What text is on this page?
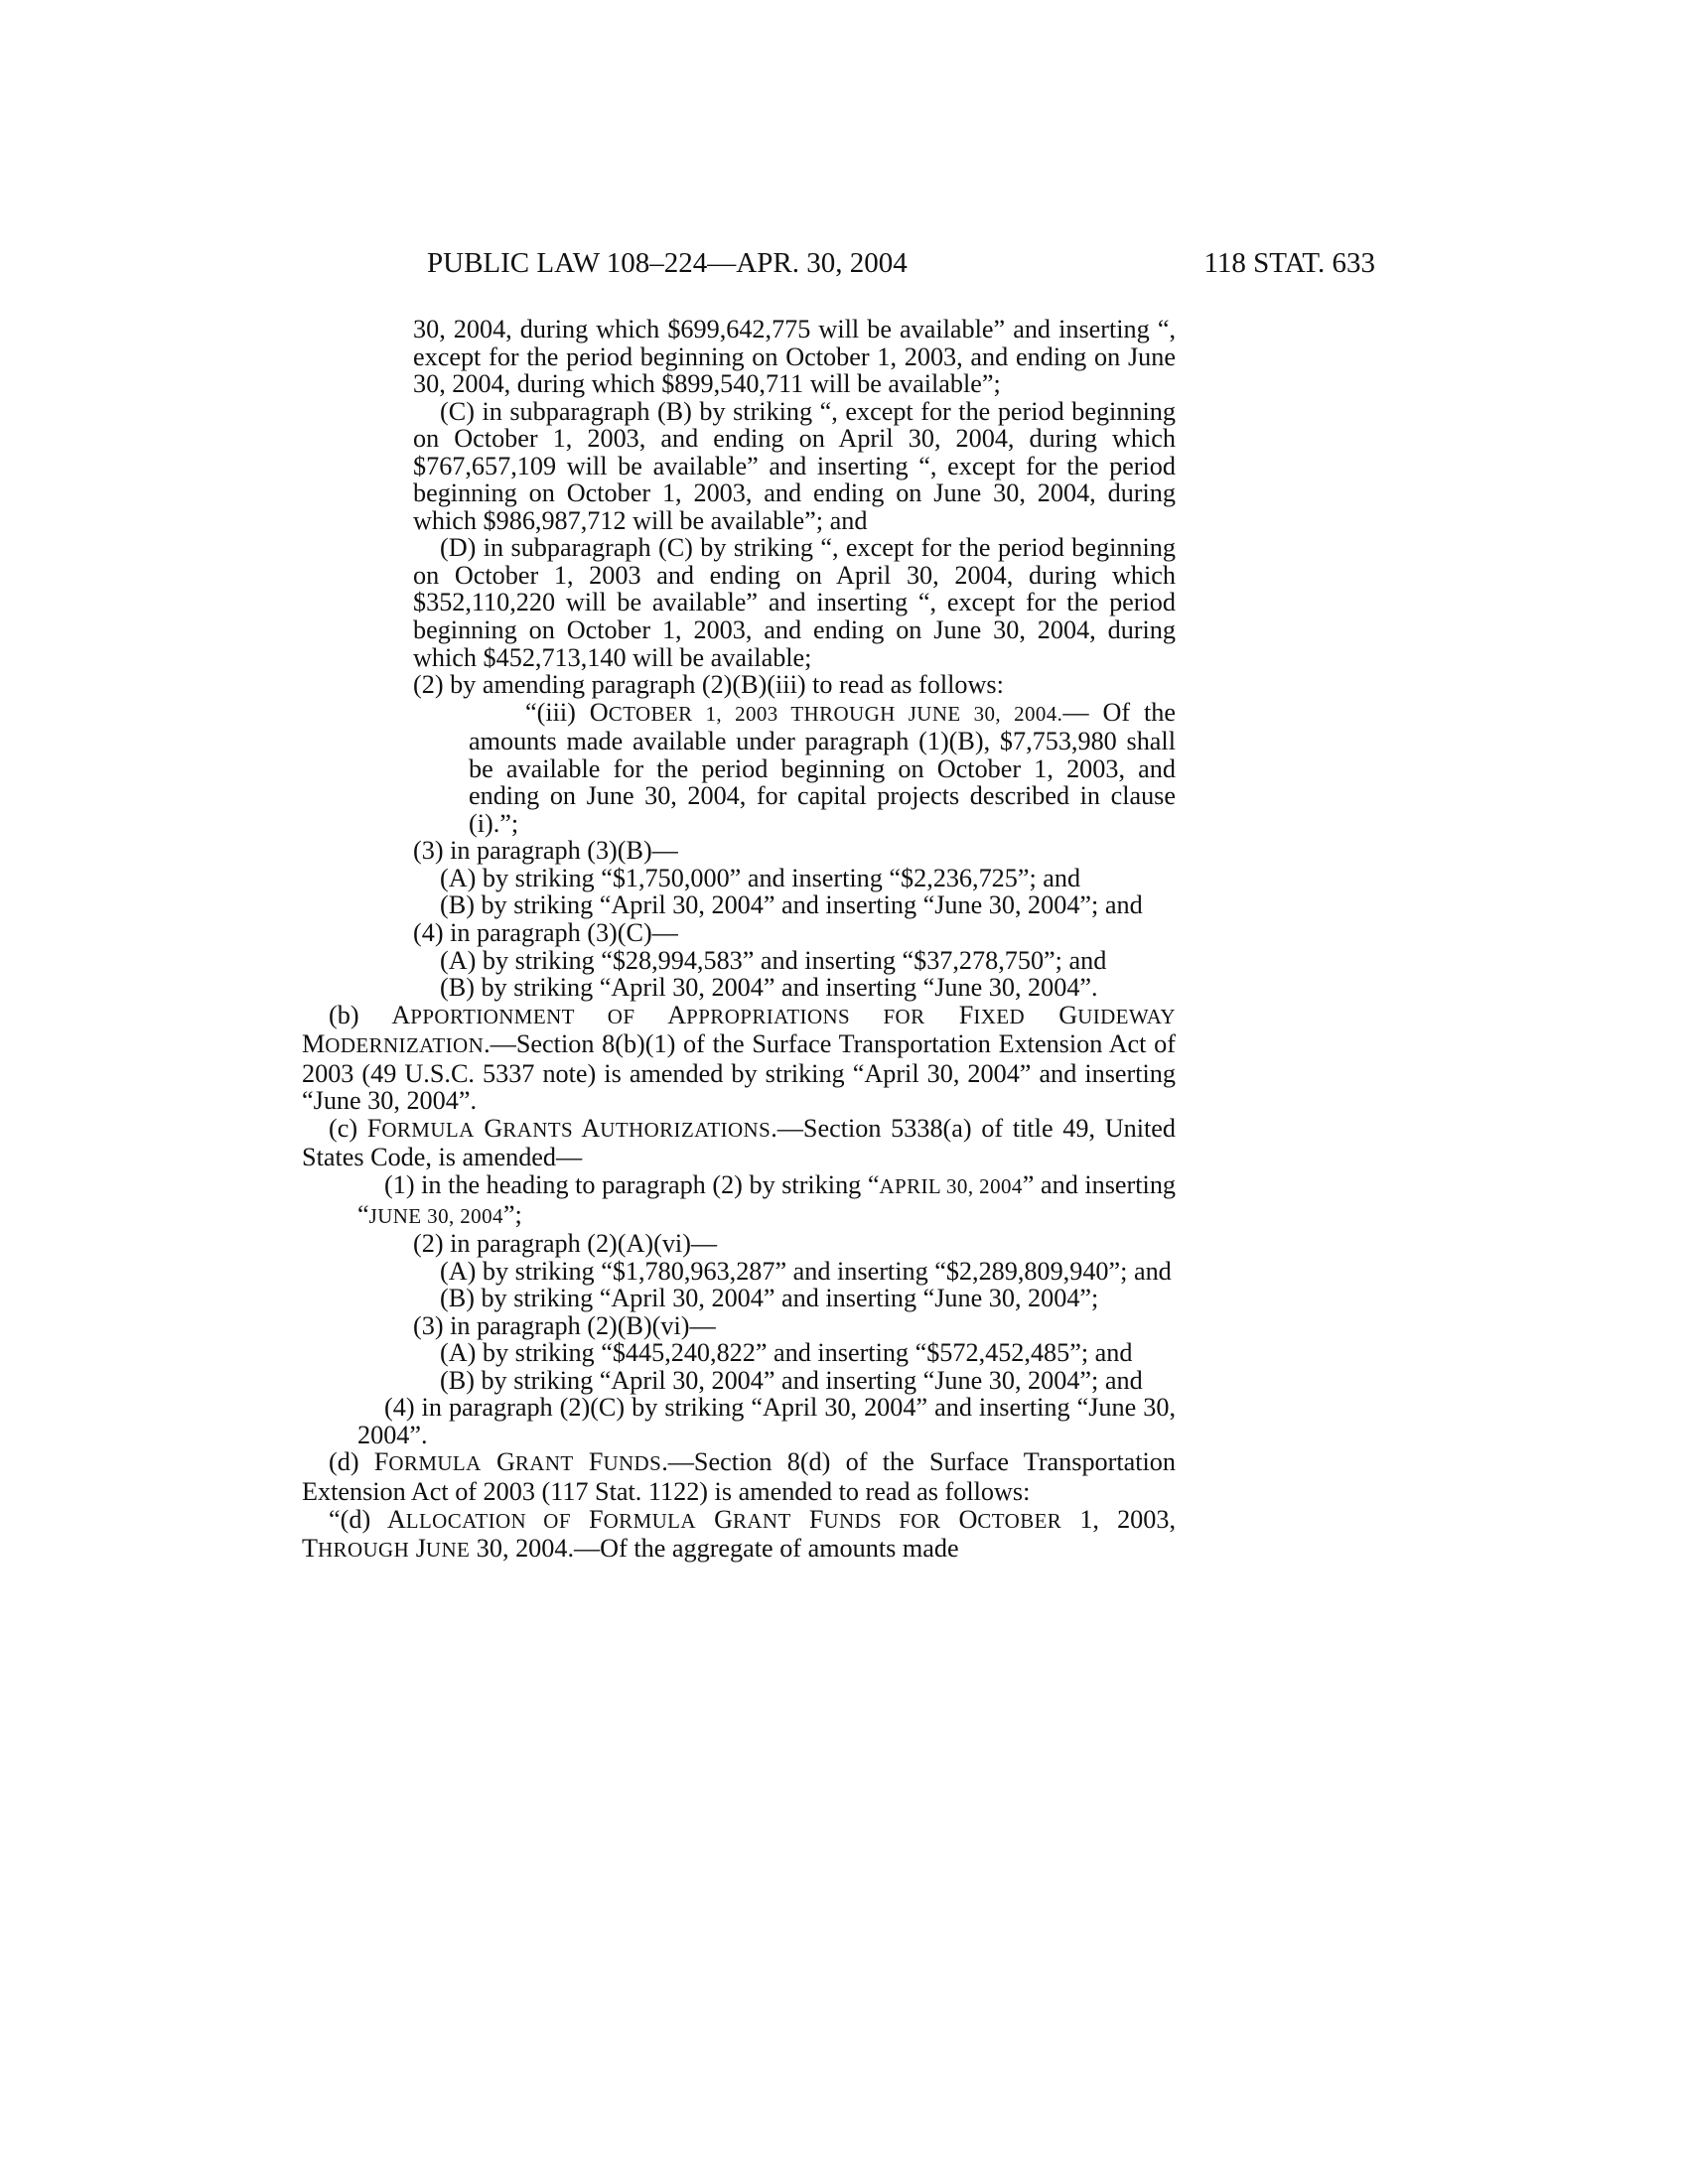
PUBLIC LAW 108–224—APR. 30, 2004	118 STAT. 633

30, 2004, during which $699,642,775 will be available” and inserting “, except for the period beginning on October 1, 2003, and ending on June 30, 2004, during which $899,540,711 will be available”;

(C) in subparagraph (B) by striking “, except for the period beginning on October 1, 2003, and ending on April 30, 2004, during which $767,657,109 will be available” and inserting “, except for the period beginning on October 1, 2003, and ending on June 30, 2004, during which $986,987,712 will be available”; and

(D) in subparagraph (C) by striking “, except for the period beginning on October 1, 2003 and ending on April 30, 2004, during which $352,110,220 will be available” and inserting “, except for the period beginning on October 1, 2003, and ending on June 30, 2004, during which $452,713,140 will be available;

(2) by amending paragraph (2)(B)(iii) to read as follows:

“(iii) OCTOBER 1, 2003 THROUGH JUNE 30, 2004.— Of the amounts made available under paragraph (1)(B), $7,753,980 shall be available for the period beginning on October 1, 2003, and ending on June 30, 2004, for capital projects described in clause (i).”;

(3) in paragraph (3)(B)—

(A) by striking “$1,750,000” and inserting “$2,236,725”; and

(B) by striking “April 30, 2004” and inserting “June 30, 2004”; and

(4) in paragraph (3)(C)—

(A) by striking “$28,994,583” and inserting “$37,278,750”; and

(B) by striking “April 30, 2004” and inserting “June 30, 2004”.

(b) APPORTIONMENT OF APPROPRIATIONS FOR FIXED GUIDEWAY MODERNIZATION.—Section 8(b)(1) of the Surface Transportation Extension Act of 2003 (49 U.S.C. 5337 note) is amended by striking “April 30, 2004” and inserting “June 30, 2004”.

(c) FORMULA GRANTS AUTHORIZATIONS.—Section 5338(a) of title 49, United States Code, is amended—

(1) in the heading to paragraph (2) by striking “APRIL 30, 2004” and inserting “JUNE 30, 2004”;

(2) in paragraph (2)(A)(vi)—

(A) by striking “$1,780,963,287” and inserting “$2,289,809,940”; and

(B) by striking “April 30, 2004” and inserting “June 30, 2004”;

(3) in paragraph (2)(B)(vi)—

(A) by striking “$445,240,822” and inserting “$572,452,485”; and

(B) by striking “April 30, 2004” and inserting “June 30, 2004”; and

(4) in paragraph (2)(C) by striking “April 30, 2004” and inserting “June 30, 2004”.

(d) FORMULA GRANT FUNDS.—Section 8(d) of the Surface Transportation Extension Act of 2003 (117 Stat. 1122) is amended to read as follows:

“(d) ALLOCATION OF FORMULA GRANT FUNDS FOR OCTOBER 1, 2003, THROUGH JUNE 30, 2004.—Of the aggregate of amounts made
